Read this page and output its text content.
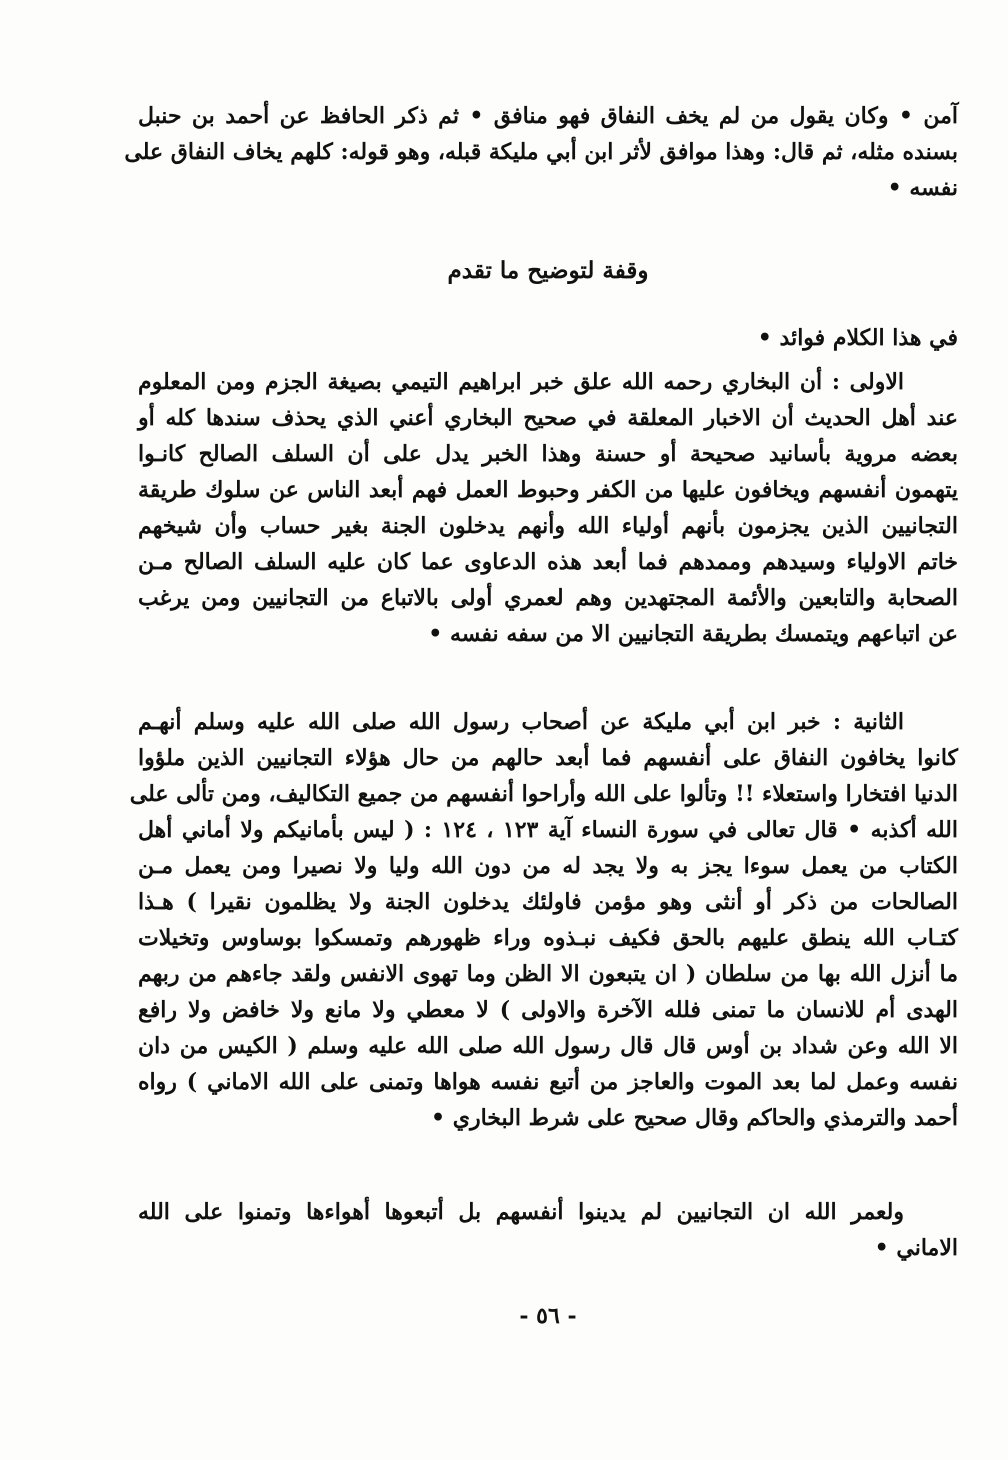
آمن • وكان يقول من لم يخف النفاق فهو منافق • ثم ذكر الحافظ عن أحمد بن حنبل
بسنده مثله، ثم قال: وهذا موافق لأثر ابن أبي مليكة قبله، وهو قوله: كلهم يخاف النفاق على
نفسه •
وقفة لتوضيح ما تقدم
في هذا الكلام فوائد •
الاولى : أن البخاري رحمه الله علق خبر ابراهيم التيمي بصيغة الجزم ومن المعلوم
عند أهل الحديث أن الاخبار المعلقة في صحيح البخاري أعني الذي يحذف سندها كله أو
بعضه مروية بأسانيد صحيحة أو حسنة وهذا الخبر يدل على أن السلف الصالح كانـوا
يتهمون أنفسهم ويخافون عليها من الكفر وحبوط العمل فهم أبعد الناس عن سلوك طريقة
التجانيين الذين يجزمون بأنهم أولياء الله وأنهم يدخلون الجنة بغير حساب وأن شيخهم
خاتم الاولياء وسيدهم وممدهم فما أبعد هذه الدعاوى عما كان عليه السلف الصالح مـن
الصحابة والتابعين والأئمة المجتهدين وهم لعمري أولى بالاتباع من التجانيين ومن يرغب
عن اتباعهم ويتمسك بطريقة التجانيين الا من سفه نفسه •
الثانية : خبر ابن أبي مليكة عن أصحاب رسول الله صلى الله عليه وسلم أنهـم
كانوا يخافون النفاق على أنفسهم فما أبعد حالهم من حال هؤلاء التجانيين الذين ملؤوا
الدنيا افتخارا واستعلاء !! وتألوا على الله وأراحوا أنفسهم من جميع التكاليف، ومن تألى على
الله أكذبه • قال تعالى في سورة النساء آية ١٢٣ ، ١٢٤ : ( ليس بأمانيكم ولا أماني أهل
الكتاب من يعمل سوءا يجز به ولا يجد له من دون الله وليا ولا نصيرا ومن يعمل مـن
الصالحات من ذكر أو أنثى وهو مؤمن فاولئك يدخلون الجنة ولا يظلمون نقيرا ) هـذا
كتـاب الله ينطق عليهم بالحق فكيف نبـذوه وراء ظهورهم وتمسكوا بوساوس وتخيلات
ما أنزل الله بها من سلطان ( ان يتبعون الا الظن وما تهوى الانفس ولقد جاءهم من ربهم
الهدى أم للانسان ما تمنى فلله الآخرة والاولى ) لا معطي ولا مانع ولا خافض ولا رافع
الا الله وعن شداد بن أوس قال قال رسول الله صلى الله عليه وسلم ( الكيس من دان
نفسه وعمل لما بعد الموت والعاجز من أتبع نفسه هواها وتمنى على الله الاماني ) رواه
أحمد والترمذي والحاكم وقال صحيح على شرط البخاري •
ولعمر الله ان التجانيين لم يدينوا أنفسهم بل أتبعوها أهواءها وتمنوا على الله
الاماني •
- ٥٦ -
